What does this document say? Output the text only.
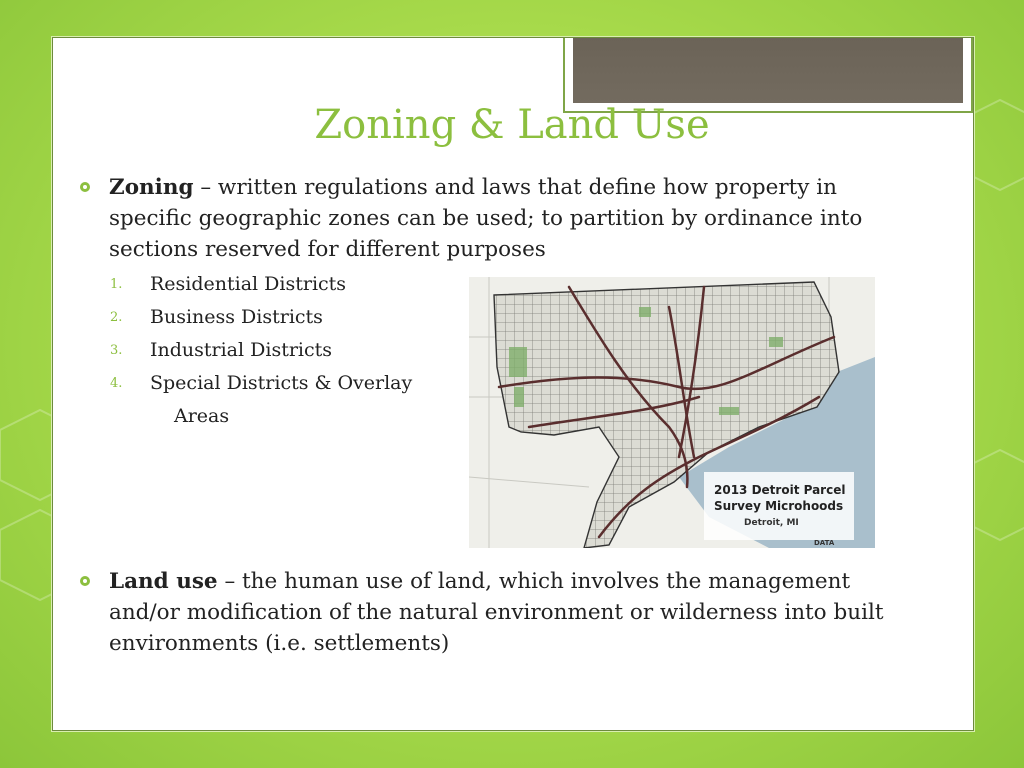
Zoning & Land Use
Zoning – written regulations and laws that define how property in specific geographic zones can be used; to partition by ordinance into sections reserved for different purposes
1. Residential Districts
2. Business Districts
3. Industrial Districts
4. Special Districts & Overlay
Areas
2013 Detroit Parcel
Survey Microhoods
Detroit, MI
DATA
Land use – the human use of land, which involves the management and/or modification of the natural environment or wilderness into built environments (i.e. settlements)
